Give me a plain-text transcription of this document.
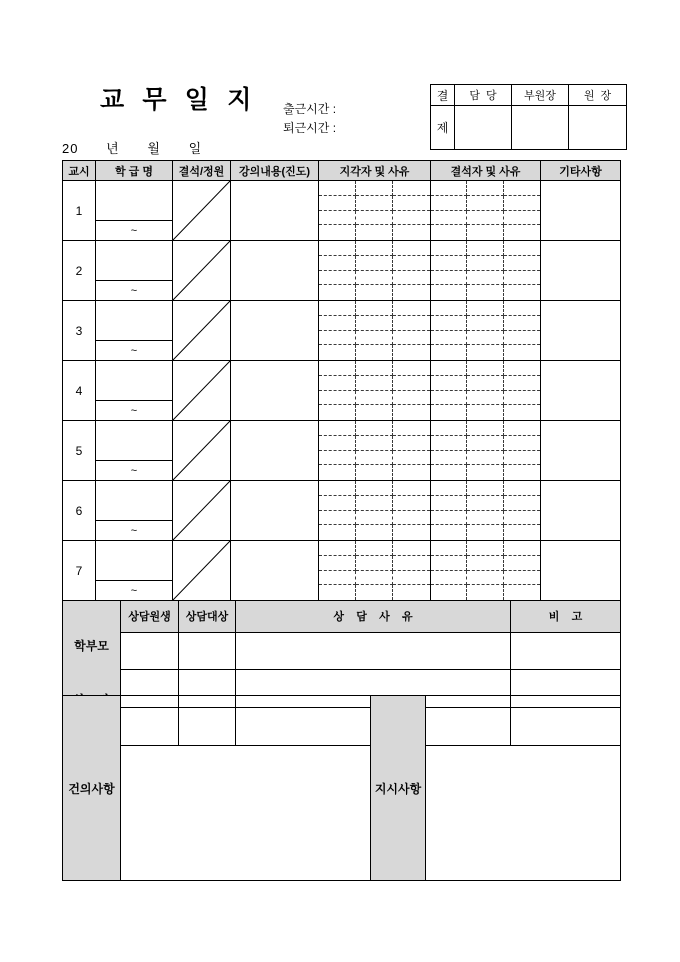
교 무 일 지 출근시간 :
퇴근시간 :
결	담  당	부원장	원  장
제			
20      년      월      일
교시	학 급 명	결석/정원	강의내용(진도)	지각자 및 사유	결석자 및 사유	기타사항
1	~

2	~

3	~

4	~

5	~

6	~

7	~

학부모	상담원생	상담대상	상    담    사    유	비    고

건의사항		지시사항	
